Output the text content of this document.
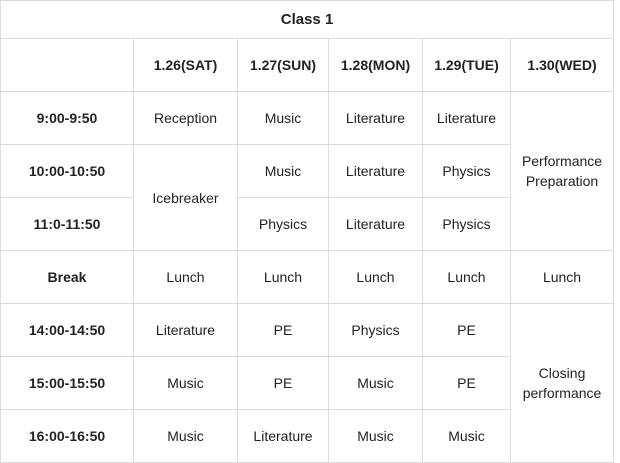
Class 1					
	1.26(SAT)	1.27(SUN)	1.28(MON)	1.29(TUE)	1.30(WED)
9:00-9:50	Reception	Music	Literature	Literature	Performance Preparation
10:00-10:50	Icebreaker	Music	Literature	Physics	
11:0-11:50		Physics	Literature	Physics	
Break	Lunch	Lunch	Lunch	Lunch	Lunch
14:00-14:50	Literature	PE	Physics	PE	Closing performance
15:00-15:50	Music	PE	Music	PE	
16:00-16:50	Music	Literature	Music	Music	
